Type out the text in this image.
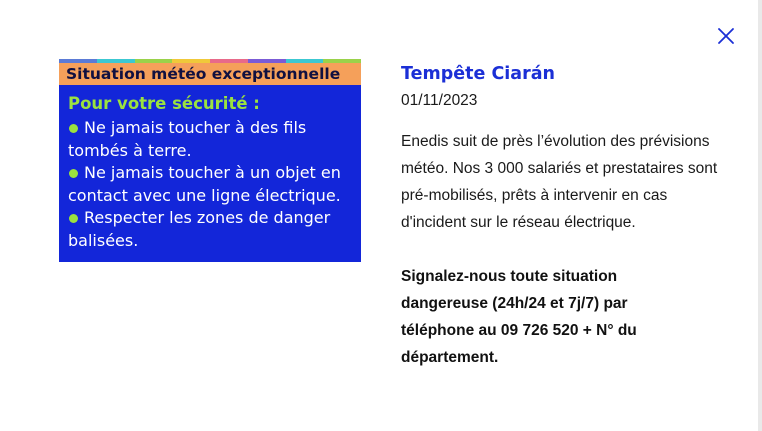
Situation météo exceptionnelle
Pour votre sécurité :
Ne jamais toucher à des fils tombés à terre.
Ne jamais toucher à un objet en contact avec une ligne électrique.
Respecter les zones de danger balisées.
Tempête Ciarán
01/11/2023

Enedis suit de près l’évolution des prévisions météo. Nos 3 000 salariés et prestataires sont pré-mobilisés, prêts à intervenir en cas d'incident sur le réseau électrique.

Signalez-nous toute situation dangereuse (24h/24 et 7j/7) par téléphone au 09 726 520 + N° du département.
